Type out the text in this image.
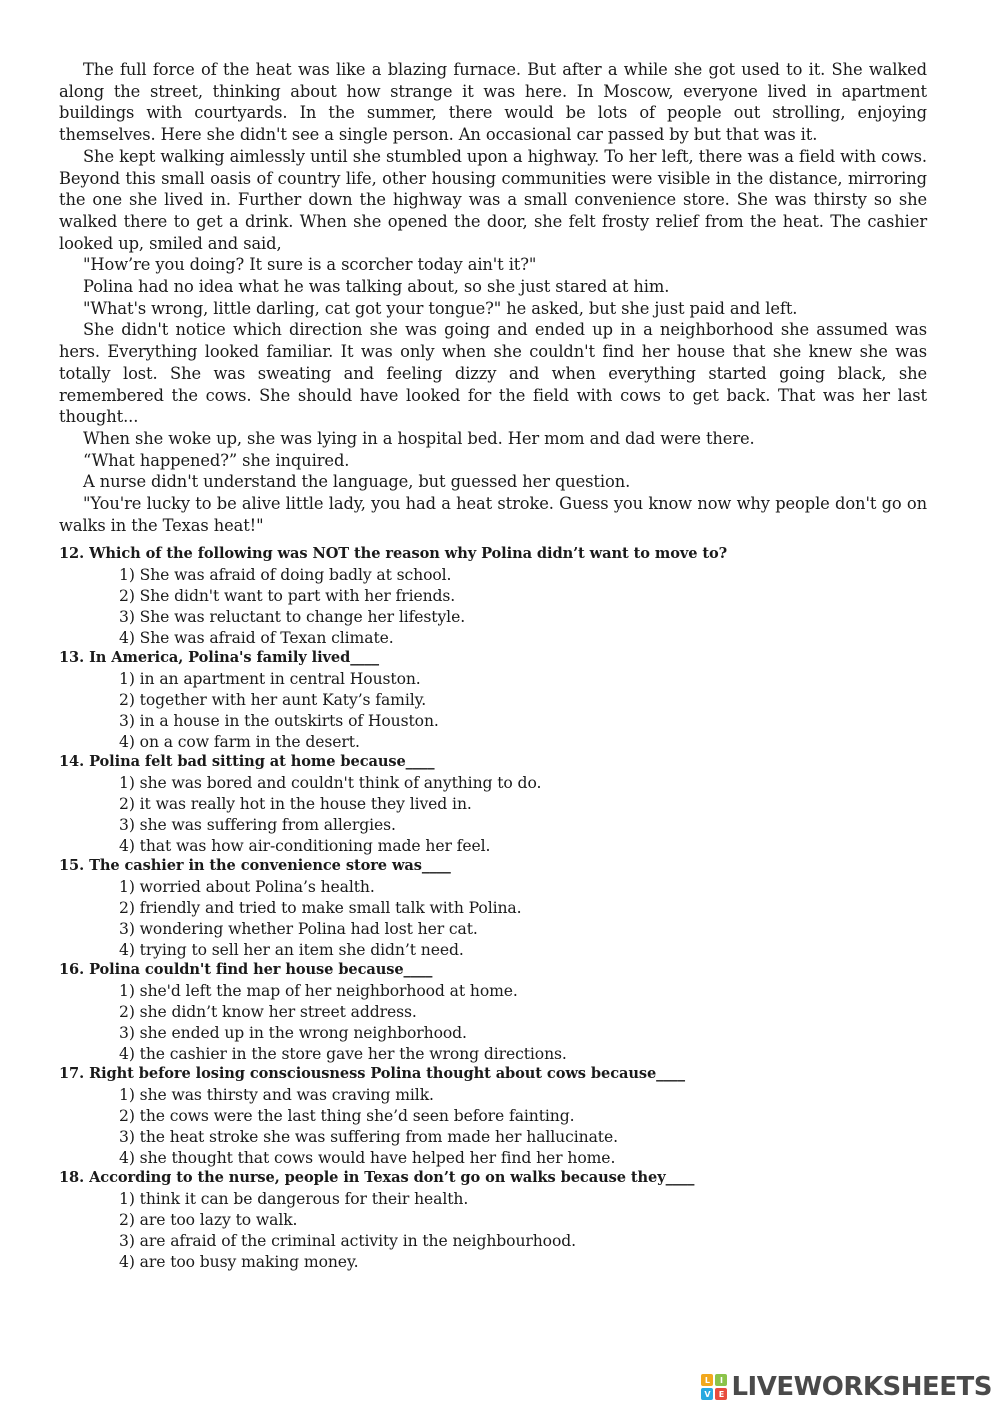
The full force of the heat was like a blazing furnace. But after a while she got used to it. She walked along the street, thinking about how strange it was here. In Moscow, everyone lived in apartment buildings with courtyards. In the summer, there would be lots of people out strolling, enjoying themselves. Here she didn't see a single person. An occasional car passed by but that was it.

She kept walking aimlessly until she stumbled upon a highway. To her left, there was a field with cows. Beyond this small oasis of country life, other housing communities were visible in the distance, mirroring the one she lived in. Further down the highway was a small convenience store. She was thirsty so she walked there to get a drink. When she opened the door, she felt frosty relief from the heat. The cashier looked up, smiled and said,

"How’re you doing? It sure is a scorcher today ain't it?"

Polina had no idea what he was talking about, so she just stared at him.

"What's wrong, little darling, cat got your tongue?" he asked, but she just paid and left.

She didn't notice which direction she was going and ended up in a neighborhood she assumed was hers. Everything looked familiar. It was only when she couldn't find her house that she knew she was totally lost. She was sweating and feeling dizzy and when everything started going black, she remembered the cows. She should have looked for the field with cows to get back. That was her last thought...

When she woke up, she was lying in a hospital bed. Her mom and dad were there.

“What happened?” she inquired.

A nurse didn't understand the language, but guessed her question.

"You're lucky to be alive little lady, you had a heat stroke. Guess you know now why people don't go on walks in the Texas heat!"

12. Which of the following was NOT the reason why Polina didn’t want to move to?

1) She was afraid of doing badly at school.
2) She didn't want to part with her friends.
3) She was reluctant to change her lifestyle.
4) She was afraid of Texan climate.

13. In America, Polina's family lived____

1) in an apartment in central Houston.
2) together with her aunt Katy’s family.
3) in a house in the outskirts of Houston.
4) on a cow farm in the desert.

14. Polina felt bad sitting at home because____

1) she was bored and couldn't think of anything to do.
2) it was really hot in the house they lived in.
3) she was suffering from allergies.
4) that was how air-conditioning made her feel.

15. The cashier in the convenience store was____

1) worried about Polina’s health.
2) friendly and tried to make small talk with Polina.
3) wondering whether Polina had lost her cat.
4) trying to sell her an item she didn’t need.

16. Polina couldn't find her house because____

1) she'd left the map of her neighborhood at home.
2) she didn’t know her street address.
3) she ended up in the wrong neighborhood.
4) the cashier in the store gave her the wrong directions.

17. Right before losing consciousness Polina thought about cows because____

1) she was thirsty and was craving milk.
2) the cows were the last thing she’d seen before fainting.
3) the heat stroke she was suffering from made her hallucinate.
4) she thought that cows would have helped her find her home.

18. According to the nurse, people in Texas don’t go on walks because they____

1) think it can be dangerous for their health.
2) are too lazy to walk.
3) are afraid of the criminal activity in the neighbourhood.
4) are too busy making money.
L	I
V	E LIVEWORKSHEETS
